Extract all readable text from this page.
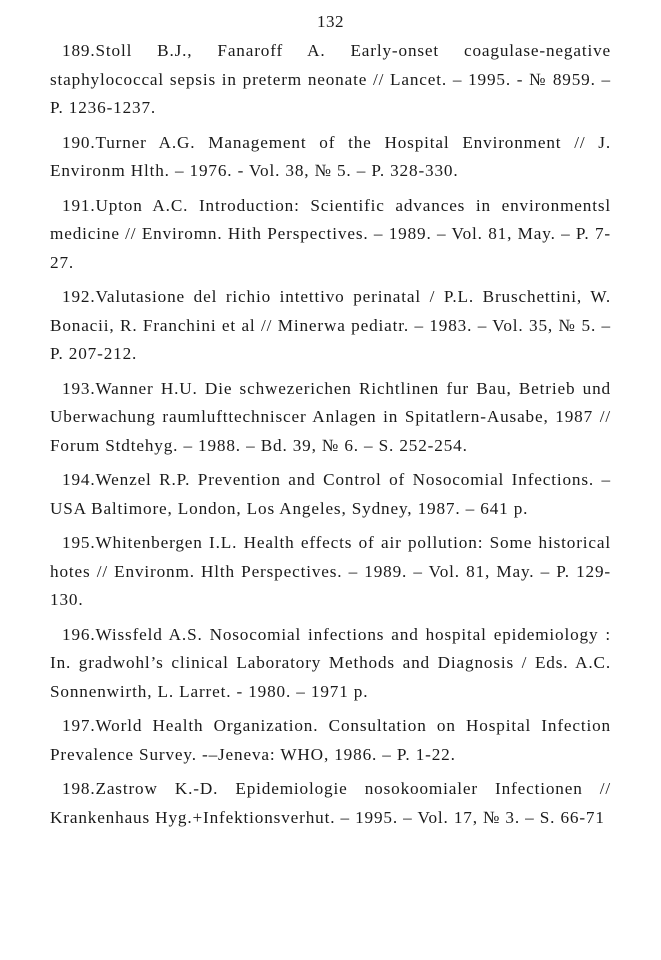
132

189.Stoll B.J., Fanaroff A. Early-onset coagulase-negative staphylococcal sepsis in preterm neonate // Lancet. – 1995. - № 8959. – P. 1236-1237.

190.Turner A.G. Management of the Hospital Environment // J. Environm Hlth. – 1976. - Vol. 38, № 5. – P. 328-330.

191.Upton A.C. Introduction: Scientific advances in environmentsl medicine // Enviromn. Hith Perspectives. – 1989. – Vol. 81, May. – P. 7-27.

192.Valutasione del richio intettivo perinatal / P.L. Bruschettini, W. Bonacii, R. Franchini et al // Minerwa pediatr. – 1983. – Vol. 35, № 5. – P. 207-212.

193.Wanner H.U. Die schwezerichen Richtlinen fur Bau, Betrieb und Uberwachung raumlufttechniscer Anlagen in Spitatlern-Ausabe, 1987 // Forum Stdtehyg. – 1988. – Bd. 39, № 6. – S. 252-254.

194.Wenzel R.P. Prevention and Control of Nosocomial Infections. – USA Baltimore, London, Los Angeles, Sydney, 1987. – 641 p.

195.Whitenbergen I.L. Health effects of air pollution: Some historical hotes // Environm. Hlth Perspectives. – 1989. – Vol. 81, May. – P. 129-130.

196.Wissfeld A.S. Nosocomial infections and hospital epidemiology : In. gradwohl’s clinical Laboratory Methods and Diagnosis / Eds. A.C. Sonnenwirth, L. Larret. - 1980. – 1971 p.

197.World Health Organization. Consultation on Hospital Infection Prevalence Survey. -–Jeneva: WHO, 1986. – P. 1-22.

198.Zastrow K.-D. Epidemiologie nosokoomialer Infectionen // Krankenhaus Hyg.+Infektionsverhut. – 1995. – Vol. 17, № 3. – S. 66-71
